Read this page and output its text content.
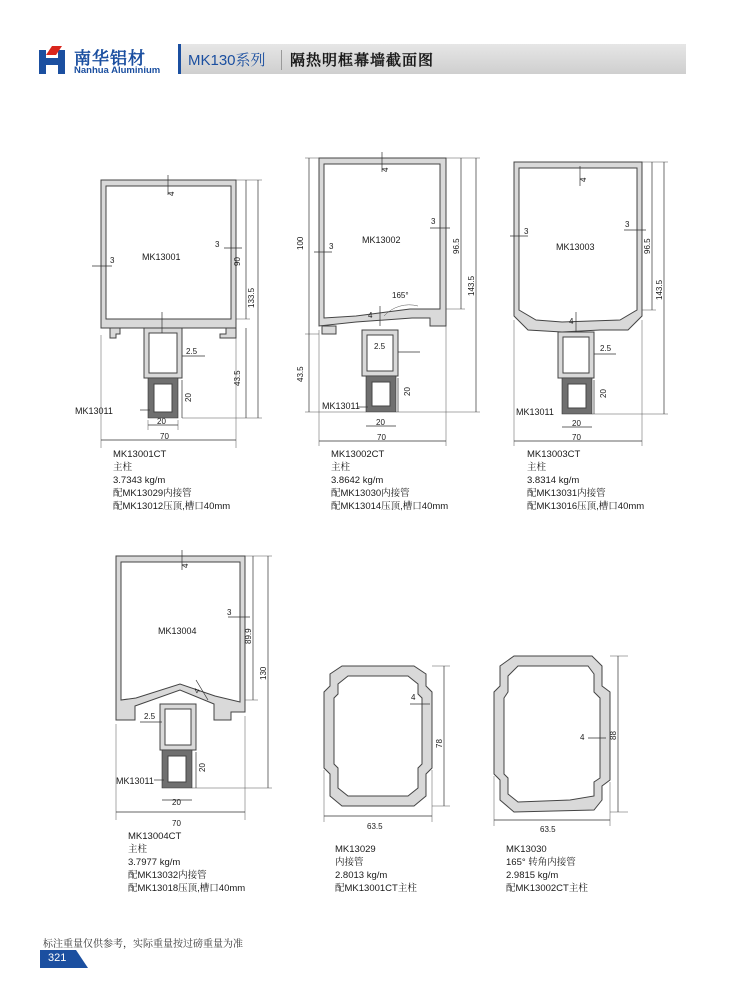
南华铝材
Nanhua Aluminium
MK130系列 隔热明框幕墙截面图
MK13001
MK13011
4
3
3
2.5
20
20
70
90
133.5
43.5
MK13002
MK13011
4
3
3
4
165°
2.5
20
20
70
100	96.5
143.5
43.5
MK13003
MK13011
4
3
3
4
2.5
20
20
70
96.5
143.5
MK13004
MK13011
4
3
4
2.5
20
20
70
89.9
130
4
78
63.5
4	88
63.5
MK13001CT
主柱
3.7343 kg/m
配MK13029内接管
配MK13012压顶,槽口40mm
MK13002CT
主柱
3.8642 kg/m
配MK13030内接管
配MK13014压顶,槽口40mm
MK13003CT
主柱
3.8314 kg/m
配MK13031内接管
配MK13016压顶,槽口40mm
MK13004CT
主柱
3.7977 kg/m
配MK13032内接管
配MK13018压顶,槽口40mm
MK13029
内接管
2.8013 kg/m
配MK13001CT主柱
MK13030
165° 转角内接管
2.9815 kg/m
配MK13002CT主柱
标注重量仅供参考，实际重量按过磅重量为准
321
